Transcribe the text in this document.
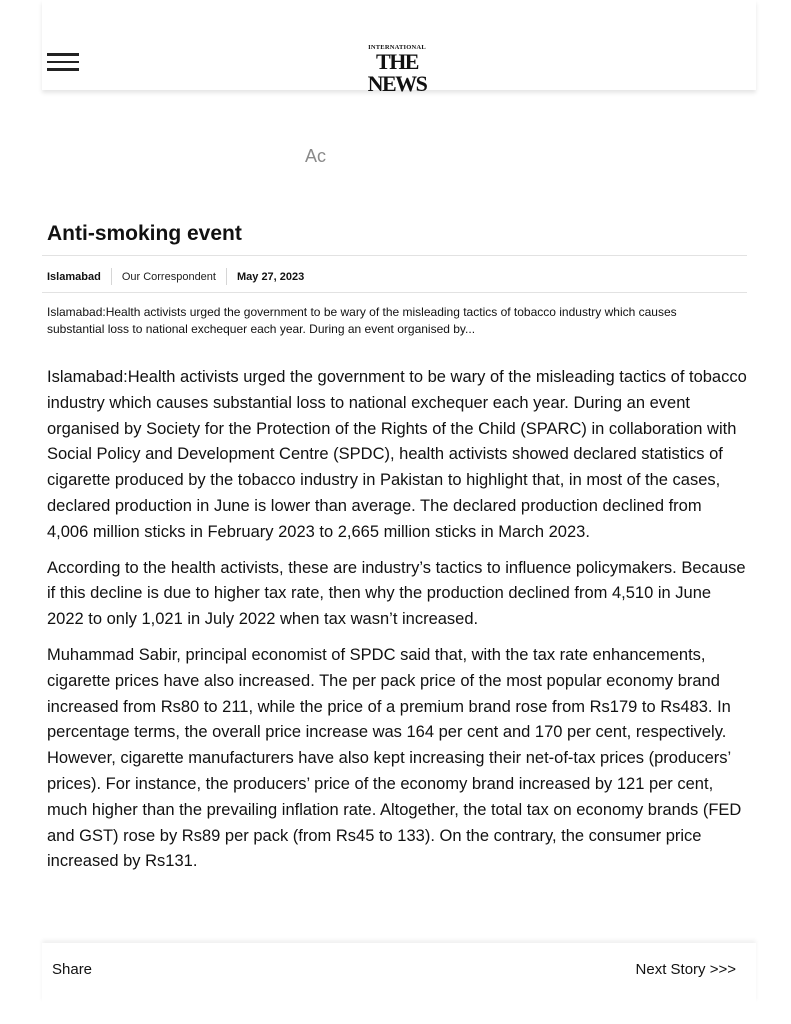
INTERNATIONAL
THE NEWS
Ac
Anti-smoking event
Islamabad Our Correspondent May 27, 2023

Islamabad:Health activists urged the government to be wary of the misleading tactics of tobacco industry which causes substantial loss to national exchequer each year. During an event organised by...

Islamabad:Health activists urged the government to be wary of the misleading tactics of tobacco industry which causes substantial loss to national exchequer each year. During an event organised by Society for the Protection of the Rights of the Child (SPARC) in collaboration with Social Policy and Development Centre (SPDC), health activists showed declared statistics of cigarette produced by the tobacco industry in Pakistan to highlight that, in most of the cases, declared production in June is lower than average. The declared production declined from 4,006 million sticks in February 2023 to 2,665 million sticks in March 2023.

According to the health activists, these are industry’s tactics to influence policymakers. Because if this decline is due to higher tax rate, then why the production declined from 4,510 in June 2022 to only 1,021 in July 2022 when tax wasn’t increased.

Muhammad Sabir, principal economist of SPDC said that, with the tax rate enhancements, cigarette prices have also increased. The per pack price of the most popular economy brand increased from Rs80 to 211, while the price of a premium brand rose from Rs179 to Rs483. In percentage terms, the overall price increase was 164 per cent and 170 per cent, respectively. However, cigarette manufacturers have also kept increasing their net-of-tax prices (producers’ prices). For instance, the producers’ price of the economy brand increased by 121 per cent, much higher than the prevailing inflation rate. Altogether, the total tax on economy brands (FED and GST) rose by Rs89 per pack (from Rs45 to 133). On the contrary, the consumer price increased by Rs131.

Share	Next Story >>>
